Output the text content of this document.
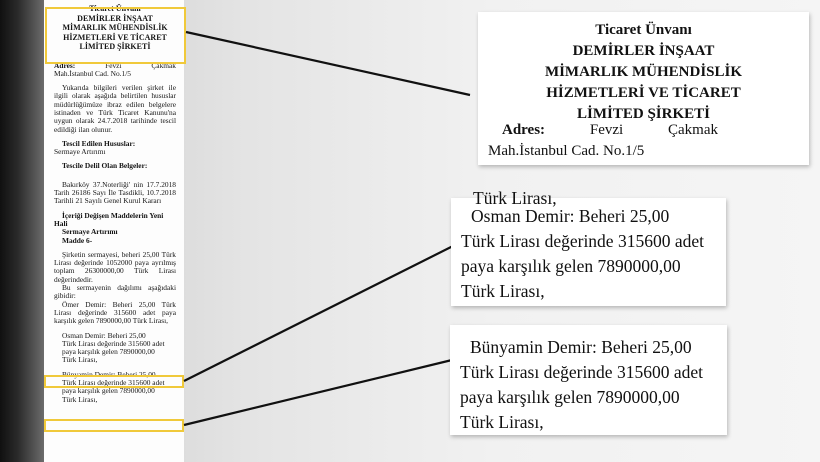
Ticaret Ünvanı
DEMİRLER İNŞAAT
MİMARLIK MÜHENDİSLİK
HİZMETLERİ VE TİCARET
LİMİTED ŞİRKETİ
Adres:	Fevzi	Çakmak
Mah.İstanbul Cad. No.1/5
Yukarıda bilgileri verilen şirket ile ilgili olarak aşağıda belirtilen hususlar müdürlüğümüze ibraz edilen belgelere istinaden ve Türk Ticaret Kanunu'na uygun olarak 24.7.2018 tarihinde tescil edildiği ilan olunur.
Tescil Edilen Hususlar:
Sermaye Artırımı
Tescile Delil Olan Belgeler:
Bakırköy 37.Noterliği' nin 17.7.2018 Tarih 26186 Sayı İle Tasdikli, 10.7.2018 Tarihli 21 Sayılı Genel Kurul Kararı
İçeriği Değişen Maddelerin Yeni Hali
Sermaye Artırımı
Madde 6-
Şirketin sermayesi, beheri 25,00 Türk Lirası değerinde 1052000 paya ayrılmış toplam 26300000,00 Türk Lirası değerindedir.
Bu sermayenin dağılımı aşağıdaki gibidir:
Ömer Demir: Beheri 25,00 Türk Lirası değerinde 315600 adet paya karşılık gelen 7890000,00 Türk Lirası,
Osman Demir: Beheri 25,00
Türk Lirası değerinde 315600 adet
paya karşılık gelen 7890000,00
Türk Lirası,
Bünyamin Demir: Beheri 25,00
Türk Lirası değerinde 315600 adet
paya karşılık gelen 7890000,00
Türk Lirası,
Ticaret Ünvanı
DEMİRLER İNŞAAT
MİMARLIK MÜHENDİSLİK
HİZMETLERİ VE TİCARET
LİMİTED ŞİRKETİ
Adres:	Fevzi	Çakmak
Mah.İstanbul Cad. No.1/5
Türk Lirası,
Osman Demir: Beheri 25,00
Türk Lirası değerinde 315600 adet
paya karşılık gelen 7890000,00
Türk Lirası,
Bünyamin Demir: Beheri 25,00
Türk Lirası değerinde 315600 adet
paya karşılık gelen 7890000,00
Türk Lirası,
